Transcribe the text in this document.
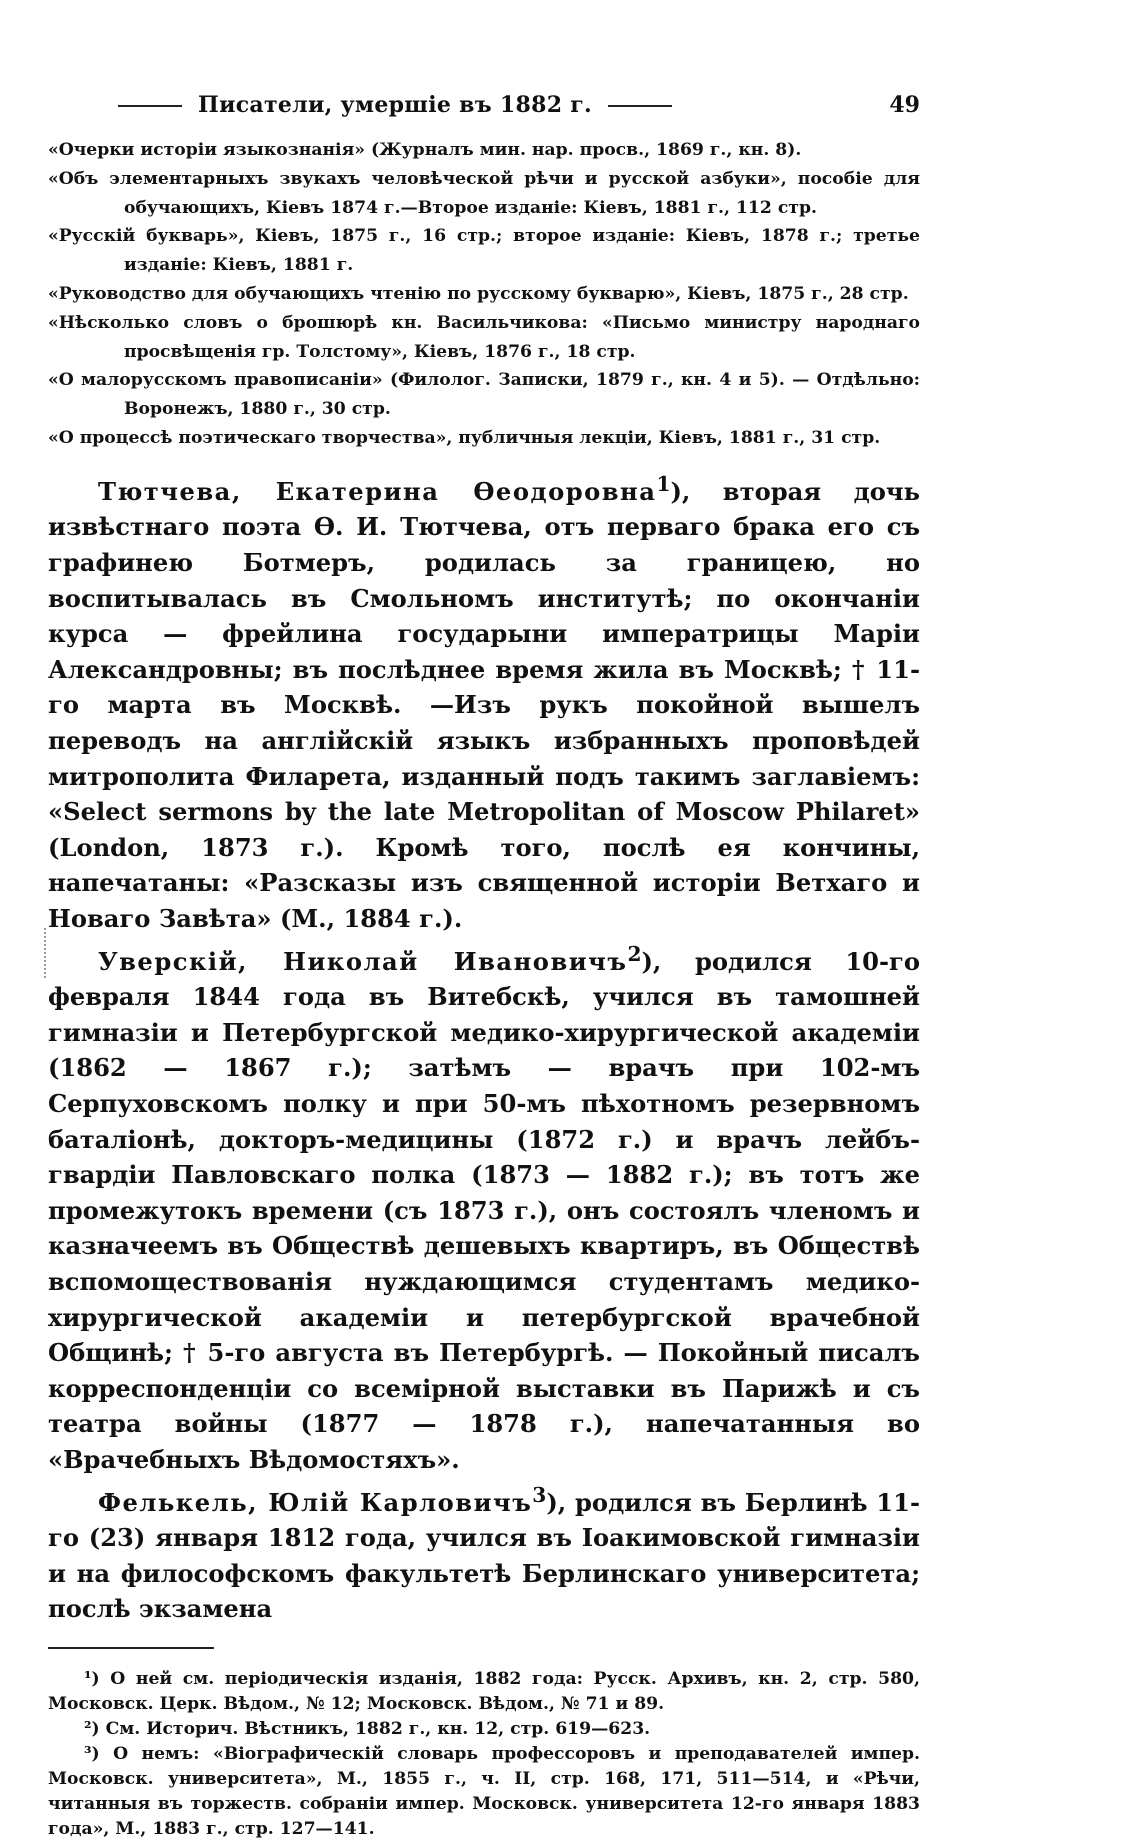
Писатели, умершіе въ 1882 г.	49
«Очерки исторіи языкознанія» (Журналъ мин. нар. просв., 1869 г., кн. 8).
«Объ элементарныхъ звукахъ человѣческой рѣчи и русской азбуки», пособіе для обучающихъ, Кіевъ 1874 г.—Второе изданіе: Кіевъ, 1881 г., 112 стр.
«Русскій букварь», Кіевъ, 1875 г., 16 стр.; второе изданіе: Кіевъ, 1878 г.; третье изданіе: Кіевъ, 1881 г.
«Руководство для обучающихъ чтенію по русскому букварю», Кіевъ, 1875 г., 28 стр.
«Нѣсколько словъ о брошюрѣ кн. Васильчикова: «Письмо министру народнаго просвѣщенія гр. Толстому», Кіевъ, 1876 г., 18 стр.
«О малорусскомъ правописаніи» (Филолог. Записки, 1879 г., кн. 4 и 5). — Отдѣльно: Воронежъ, 1880 г., 30 стр.
«О процессѣ поэтическаго творчества», публичныя лекціи, Кіевъ, 1881 г., 31 стр.

Тютчева, Екатерина Ѳеодоровна$^1$), вторая дочь извѣстнаго поэта Ѳ. И. Тютчева, отъ перваго брака его съ графинею Ботмеръ, родилась за границею, но воспитывалась въ Смольномъ институтѣ; по окончаніи курса — фрейлина государыни императрицы Маріи Александровны; въ послѣднее время жила въ Москвѣ; † 11-го марта въ Москвѣ. —Изъ рукъ покойной вышелъ переводъ на англійскій языкъ избранныхъ проповѣдей митрополита Филарета, изданный подъ такимъ заглавіемъ: «Select sermons by the late Metropolitan of Moscow Philaret» (London, 1873 г.). Кромѣ того, послѣ ея кончины, напечатаны: «Разсказы изъ священной исторіи Ветхаго и Новаго Завѣта» (М., 1884 г.).

Уверскій, Николай Ивановичъ$^2$), родился 10-го февраля 1844 года въ Витебскѣ, учился въ тамошней гимназіи и Петербургской медико-хирургической академіи (1862 — 1867 г.); затѣмъ — врачъ при 102-мъ Серпуховскомъ полку и при 50-мъ пѣхотномъ резервномъ баталіонѣ, докторъ-медицины (1872 г.) и врачъ лейбъ-гвардіи Павловскаго полка (1873 — 1882 г.); въ тотъ же промежутокъ времени (съ 1873 г.), онъ состоялъ членомъ и казначеемъ въ Обществѣ дешевыхъ квартиръ, въ Обществѣ вспомоществованія нуждающимся студентамъ медико-хирургической академіи и петербургской врачебной Общинѣ; † 5-го августа въ Петербургѣ. — Покойный писалъ корреспонденціи со всемірной выставки въ Парижѣ и съ театра войны (1877 — 1878 г.), напечатанныя во «Врачебныхъ Вѣдомостяхъ».

Фелькель, Юлій Карловичъ$^3$), родился въ Берлинѣ 11-го (23) января 1812 года, учился въ Іоакимовской гимназіи и на философскомъ факультетѣ Берлинскаго университета; послѣ экзамена

¹) О ней см. періодическія изданія, 1882 года: Русск. Архивъ, кн. 2, стр. 580, Московск. Церк. Вѣдом., № 12; Московск. Вѣдом., № 71 и 89.
²) См. Историч. Вѣстникъ, 1882 г., кн. 12, стр. 619—623.
³) О немъ: «Віографическій словарь профессоровъ и преподавателей импер. Московск. университета», М., 1855 г., ч. II, стр. 168, 171, 511—514, и «Рѣчи, читанныя въ торжеств. собраніи импер. Московск. университета 12-го января 1883 года», М., 1883 г., стр. 127—141.
